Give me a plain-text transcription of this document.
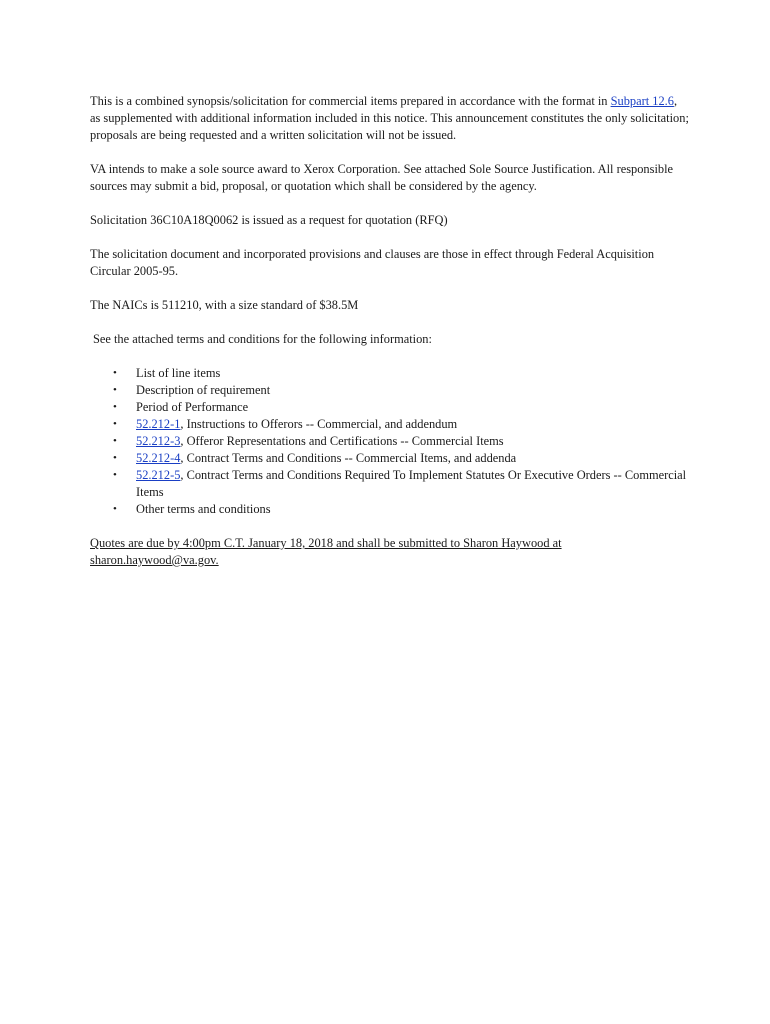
This is a combined synopsis/solicitation for commercial items prepared in accordance with the format in Subpart 12.6, as supplemented with additional information included in this notice. This announcement constitutes the only solicitation; proposals are being requested and a written solicitation will not be issued.

VA intends to make a sole source award to Xerox Corporation. See attached Sole Source Justification. All responsible sources may submit a bid, proposal, or quotation which shall be considered by the agency.

Solicitation 36C10A18Q0062 is issued as a request for quotation (RFQ)

The solicitation document and incorporated provisions and clauses are those in effect through Federal Acquisition Circular 2005-95.

The NAICs is 511210, with a size standard of $38.5M

See the attached terms and conditions for the following information:

• List of line items
• Description of requirement
• Period of Performance
• 52.212-1, Instructions to Offerors -- Commercial, and addendum
• 52.212-3, Offeror Representations and Certifications -- Commercial Items
• 52.212-4, Contract Terms and Conditions -- Commercial Items, and addenda
• 52.212-5, Contract Terms and Conditions Required To Implement Statutes Or Executive Orders -- Commercial Items
• Other terms and conditions

Quotes are due by 4:00pm C.T. January 18, 2018 and shall be submitted to Sharon Haywood at sharon.haywood@va.gov.
